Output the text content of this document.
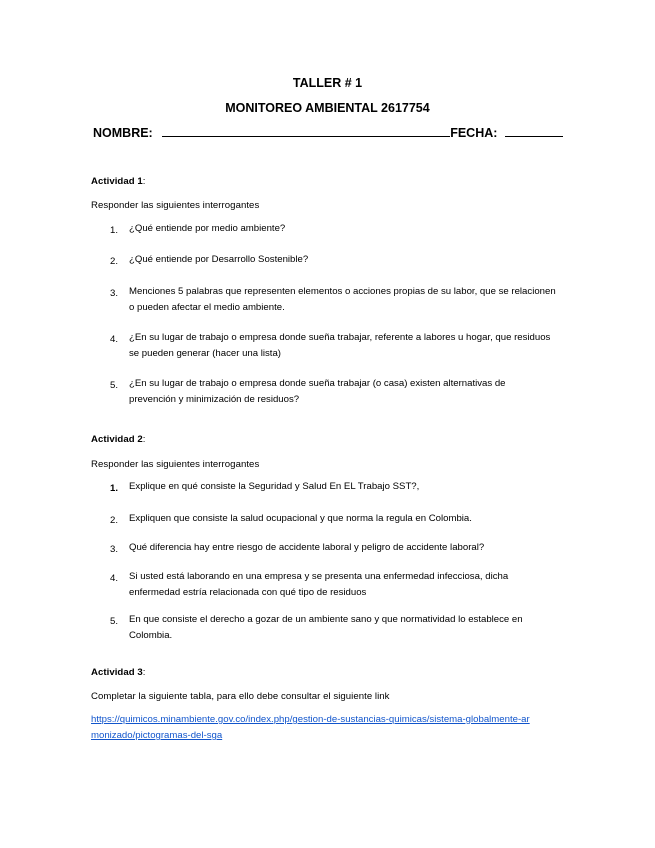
TALLER # 1
MONITOREO AMBIENTAL 2617754
NOMBRE:	FECHA:
Actividad 1:
Responder las siguientes interrogantes
1. ¿Qué entiende por medio ambiente?
2. ¿Qué entiende por Desarrollo Sostenible?
3. Menciones 5 palabras que representen elementos o acciones propias de su labor, que se relacionen o pueden afectar el medio ambiente.
4. ¿En su lugar de trabajo o empresa donde sueña trabajar, referente a labores u hogar, que residuos se pueden generar (hacer una lista)
5. ¿En su lugar de trabajo o empresa donde sueña trabajar (o casa) existen alternativas de prevención y minimización de residuos?
Actividad 2:
Responder las siguientes interrogantes
1. Explique en qué consiste la Seguridad y Salud En EL Trabajo SST?,
2. Expliquen que consiste la salud ocupacional y que norma la regula en Colombia.
3. Qué diferencia hay entre riesgo de accidente laboral y peligro de accidente laboral?
4. Si usted está laborando en una empresa y se presenta una enfermedad infecciosa, dicha enfermedad estría relacionada con qué tipo de residuos
5. En que consiste el derecho a gozar de un ambiente sano y que normatividad lo establece en Colombia.
Actividad 3:
Completar la siguiente tabla, para ello debe consultar el siguiente link
https://quimicos.minambiente.gov.co/index.php/gestion-de-sustancias-quimicas/sistema-globalmente-armonizado/pictogramas-del-sga
